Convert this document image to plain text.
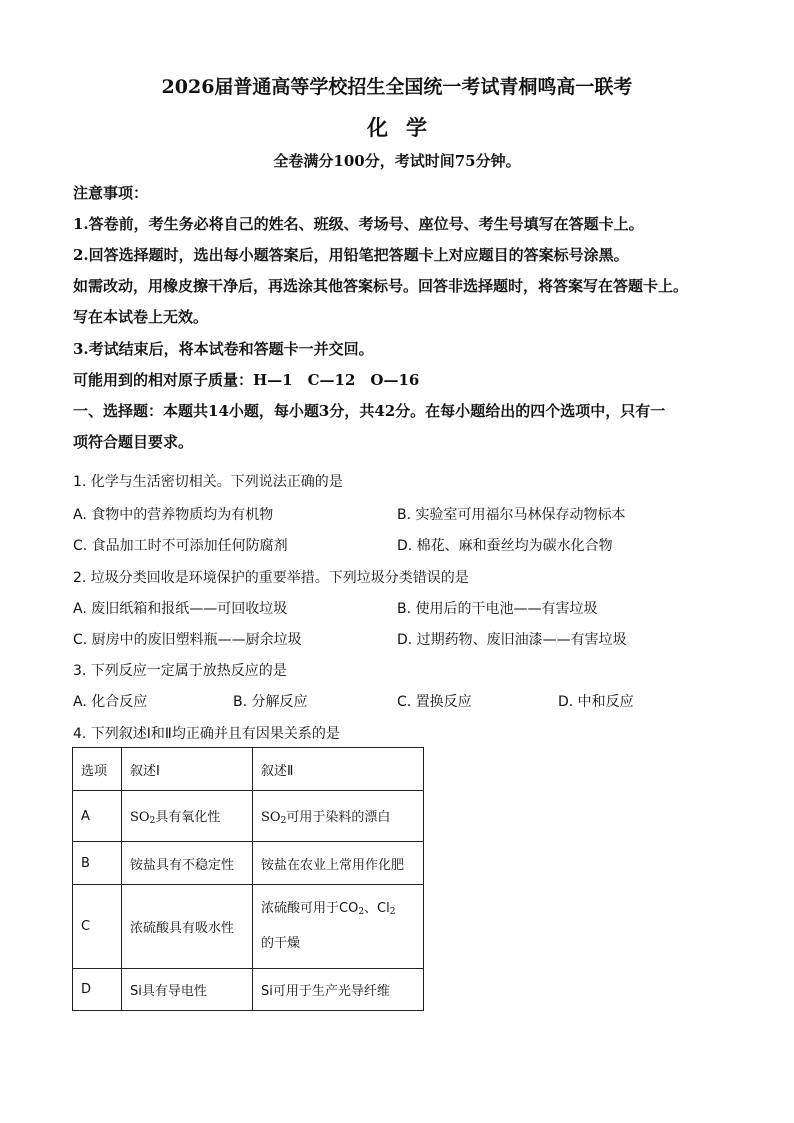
2026届普通高等学校招生全国统一考试青桐鸣高一联考
化学
全卷满分100分，考试时间75分钟。
注意事项：
1.答卷前，考生务必将自己的姓名、班级、考场号、座位号、考生号填写在答题卡上。
2.回答选择题时，选出每小题答案后，用铅笔把答题卡上对应题目的答案标号涂黑。
如需改动，用橡皮擦干净后，再选涂其他答案标号。回答非选择题时，将答案写在答题卡上。
写在本试卷上无效。
3.考试结束后，将本试卷和答题卡一并交回。
可能用到的相对原子质量：H—1　C—12　O—16
一、选择题：本题共14小题，每小题3分，共42分。在每小题给出的四个选项中，只有一
项符合题目要求。
1. 化学与生活密切相关。下列说法正确的是
A. 食物中的营养物质均为有机物	B. 实验室可用福尔马林保存动物标本
C. 食品加工时不可添加任何防腐剂	D. 棉花、麻和蚕丝均为碳水化合物
2. 垃圾分类回收是环境保护的重要举措。下列垃圾分类错误的是
A. 废旧纸箱和报纸——可回收垃圾	B. 使用后的干电池——有害垃圾
C. 厨房中的废旧塑料瓶——厨余垃圾	D. 过期药物、废旧油漆——有害垃圾
3. 下列反应一定属于放热反应的是
A. 化合反应	B. 分解反应	C. 置换反应	D. 中和反应
4. 下列叙述Ⅰ和Ⅱ均正确并且有因果关系的是
选项	叙述Ⅰ	叙述Ⅱ
A	$SO_2$具有氧化性	$SO_2$可用于染料的漂白
B	铵盐具有不稳定性	铵盐在农业上常用作化肥
C	浓硫酸具有吸水性	浓硫酸可用于$CO_2$、$Cl_2$
的干燥
D	Si具有导电性	Si可用于生产光导纤维
